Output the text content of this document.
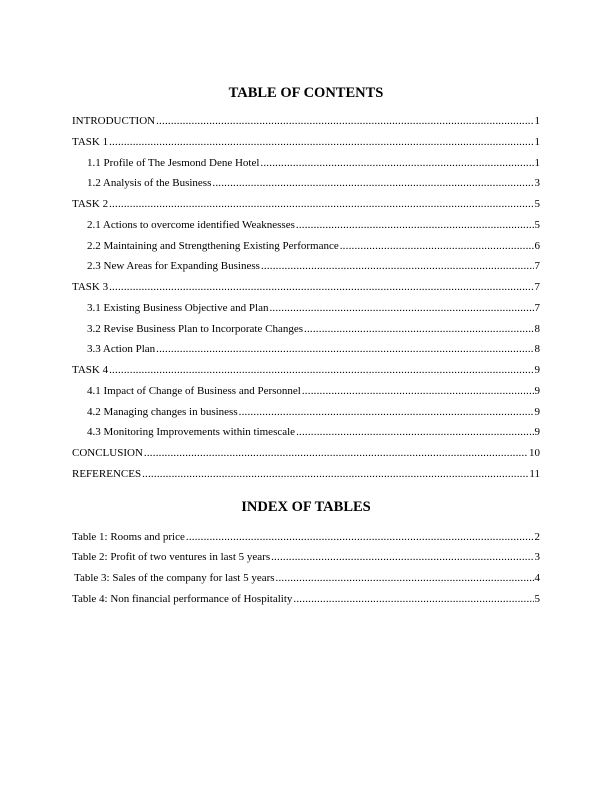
TABLE OF CONTENTS
INTRODUCTION .....	1
TASK 1 .....	1
1.1 Profile of The Jesmond Dene Hotel .....	1
1.2 Analysis of the Business .....	3
TASK 2 .....	5
2.1 Actions to overcome identified Weaknesses .....	5
2.2 Maintaining and Strengthening Existing Performance .....	6
2.3 New Areas for Expanding Business .....	7
TASK 3 .....	7
3.1 Existing Business Objective and Plan .....	7
3.2 Revise Business Plan to Incorporate Changes .....	8
3.3 Action Plan .....	8
TASK 4 .....	9
4.1 Impact of Change of Business and Personnel .....	9
4.2 Managing changes in business .....	9
4.3 Monitoring Improvements within timescale .....	9
CONCLUSION .....	10
REFERENCES .....	11
INDEX OF TABLES
Table 1: Rooms and price .....	2
Table 2: Profit of two ventures in last 5 years .....	3
Table 3: Sales of the company for last 5 years .....	4
Table 4: Non financial performance of Hospitality .....	5
